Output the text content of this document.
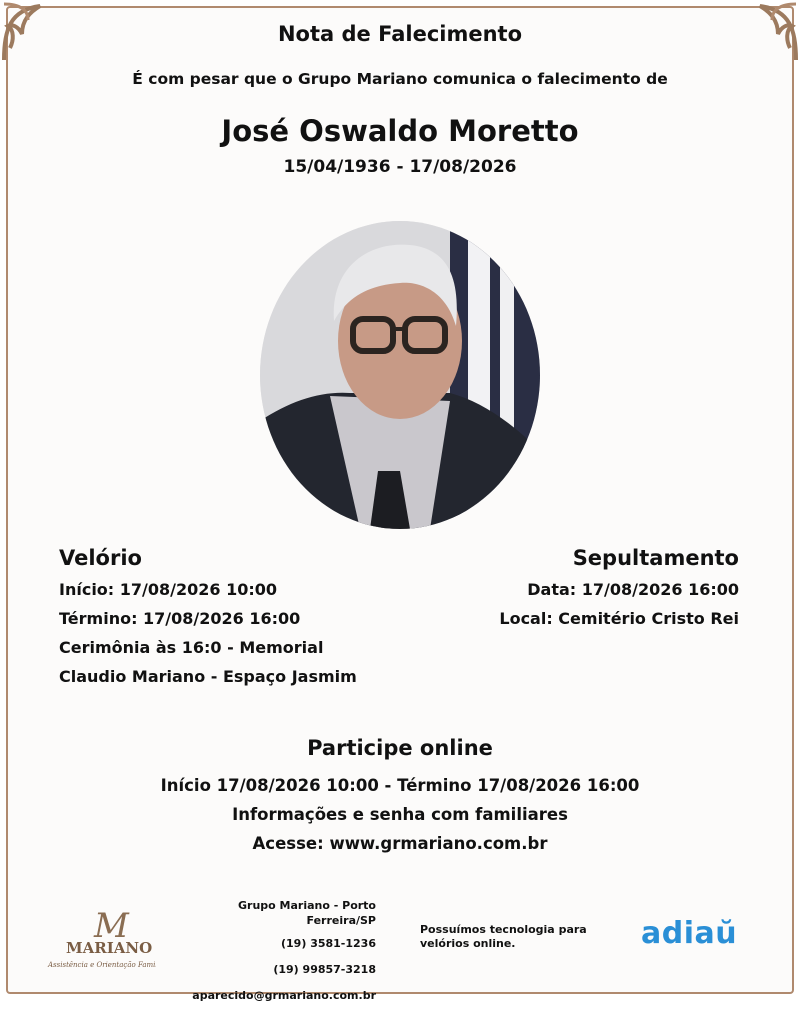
Nota de Falecimento
É com pesar que o Grupo Mariano comunica o falecimento de
José Oswaldo Moretto
15/04/1936 - 17/08/2026
Velório
Início: 17/08/2026 10:00
Término: 17/08/2026 16:00
Cerimônia às 16:0 - Memorial
Claudio Mariano - Espaço Jasmim
Sepultamento
Data: 17/08/2026 16:00
Local: Cemitério Cristo Rei
Participe online
Início 17/08/2026 10:00 - Término 17/08/2026 16:00
Informações e senha com familiares
Acesse: www.grmariano.com.br
M
MARIANO
Assistência e Orientação Familiar
Grupo Mariano - Porto Ferreira/SP
(19) 3581-1236
(19) 99857-3218
aparecido@grmariano.com.br
Possuímos tecnologia para velórios online.	adiaŭ
